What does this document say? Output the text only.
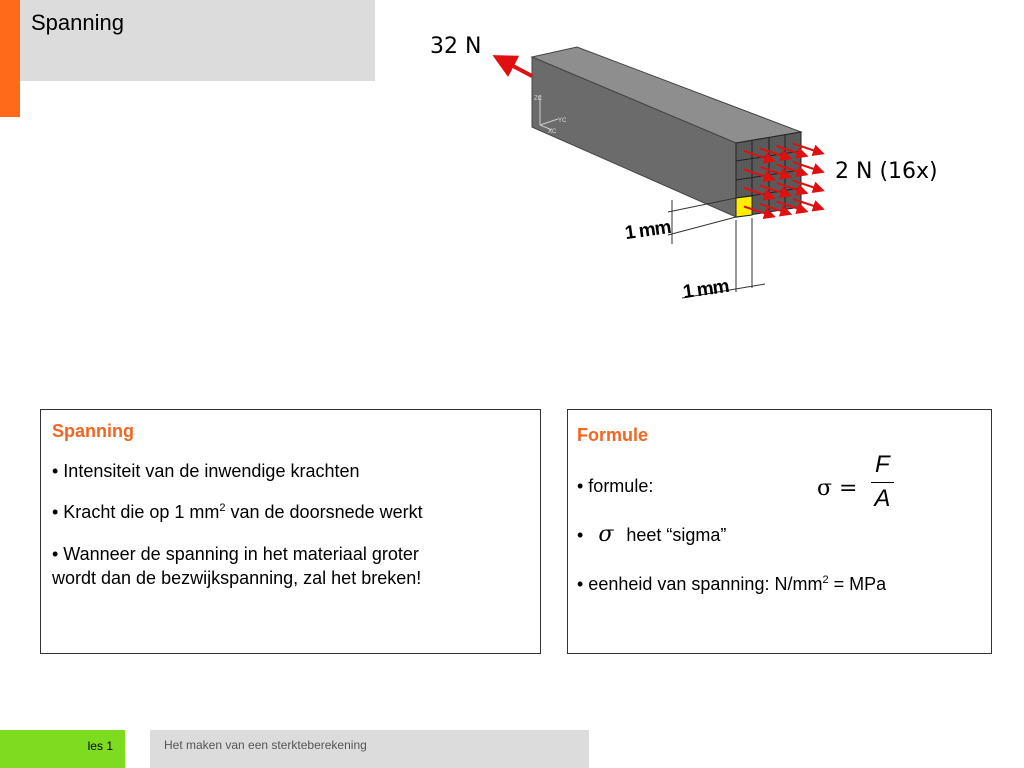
Spanning
ZC
YC
XC
32 N
2 N (16x)
1 mm
1 mm
Spanning
• Intensiteit van de inwendige krachten
• Kracht die op 1 $mm^2$ van de doorsnede werkt
• Wanneer de spanning in het materiaal groter
wordt dan de bezwijkspanning, zal het breken!
Formule
• formule:	$\sigma = \frac{F}{A}$
• σ heet “sigma”
• eenheid van spanning: $N/mm^2$ = MPa
les 1	Het maken van een sterkteberekening
